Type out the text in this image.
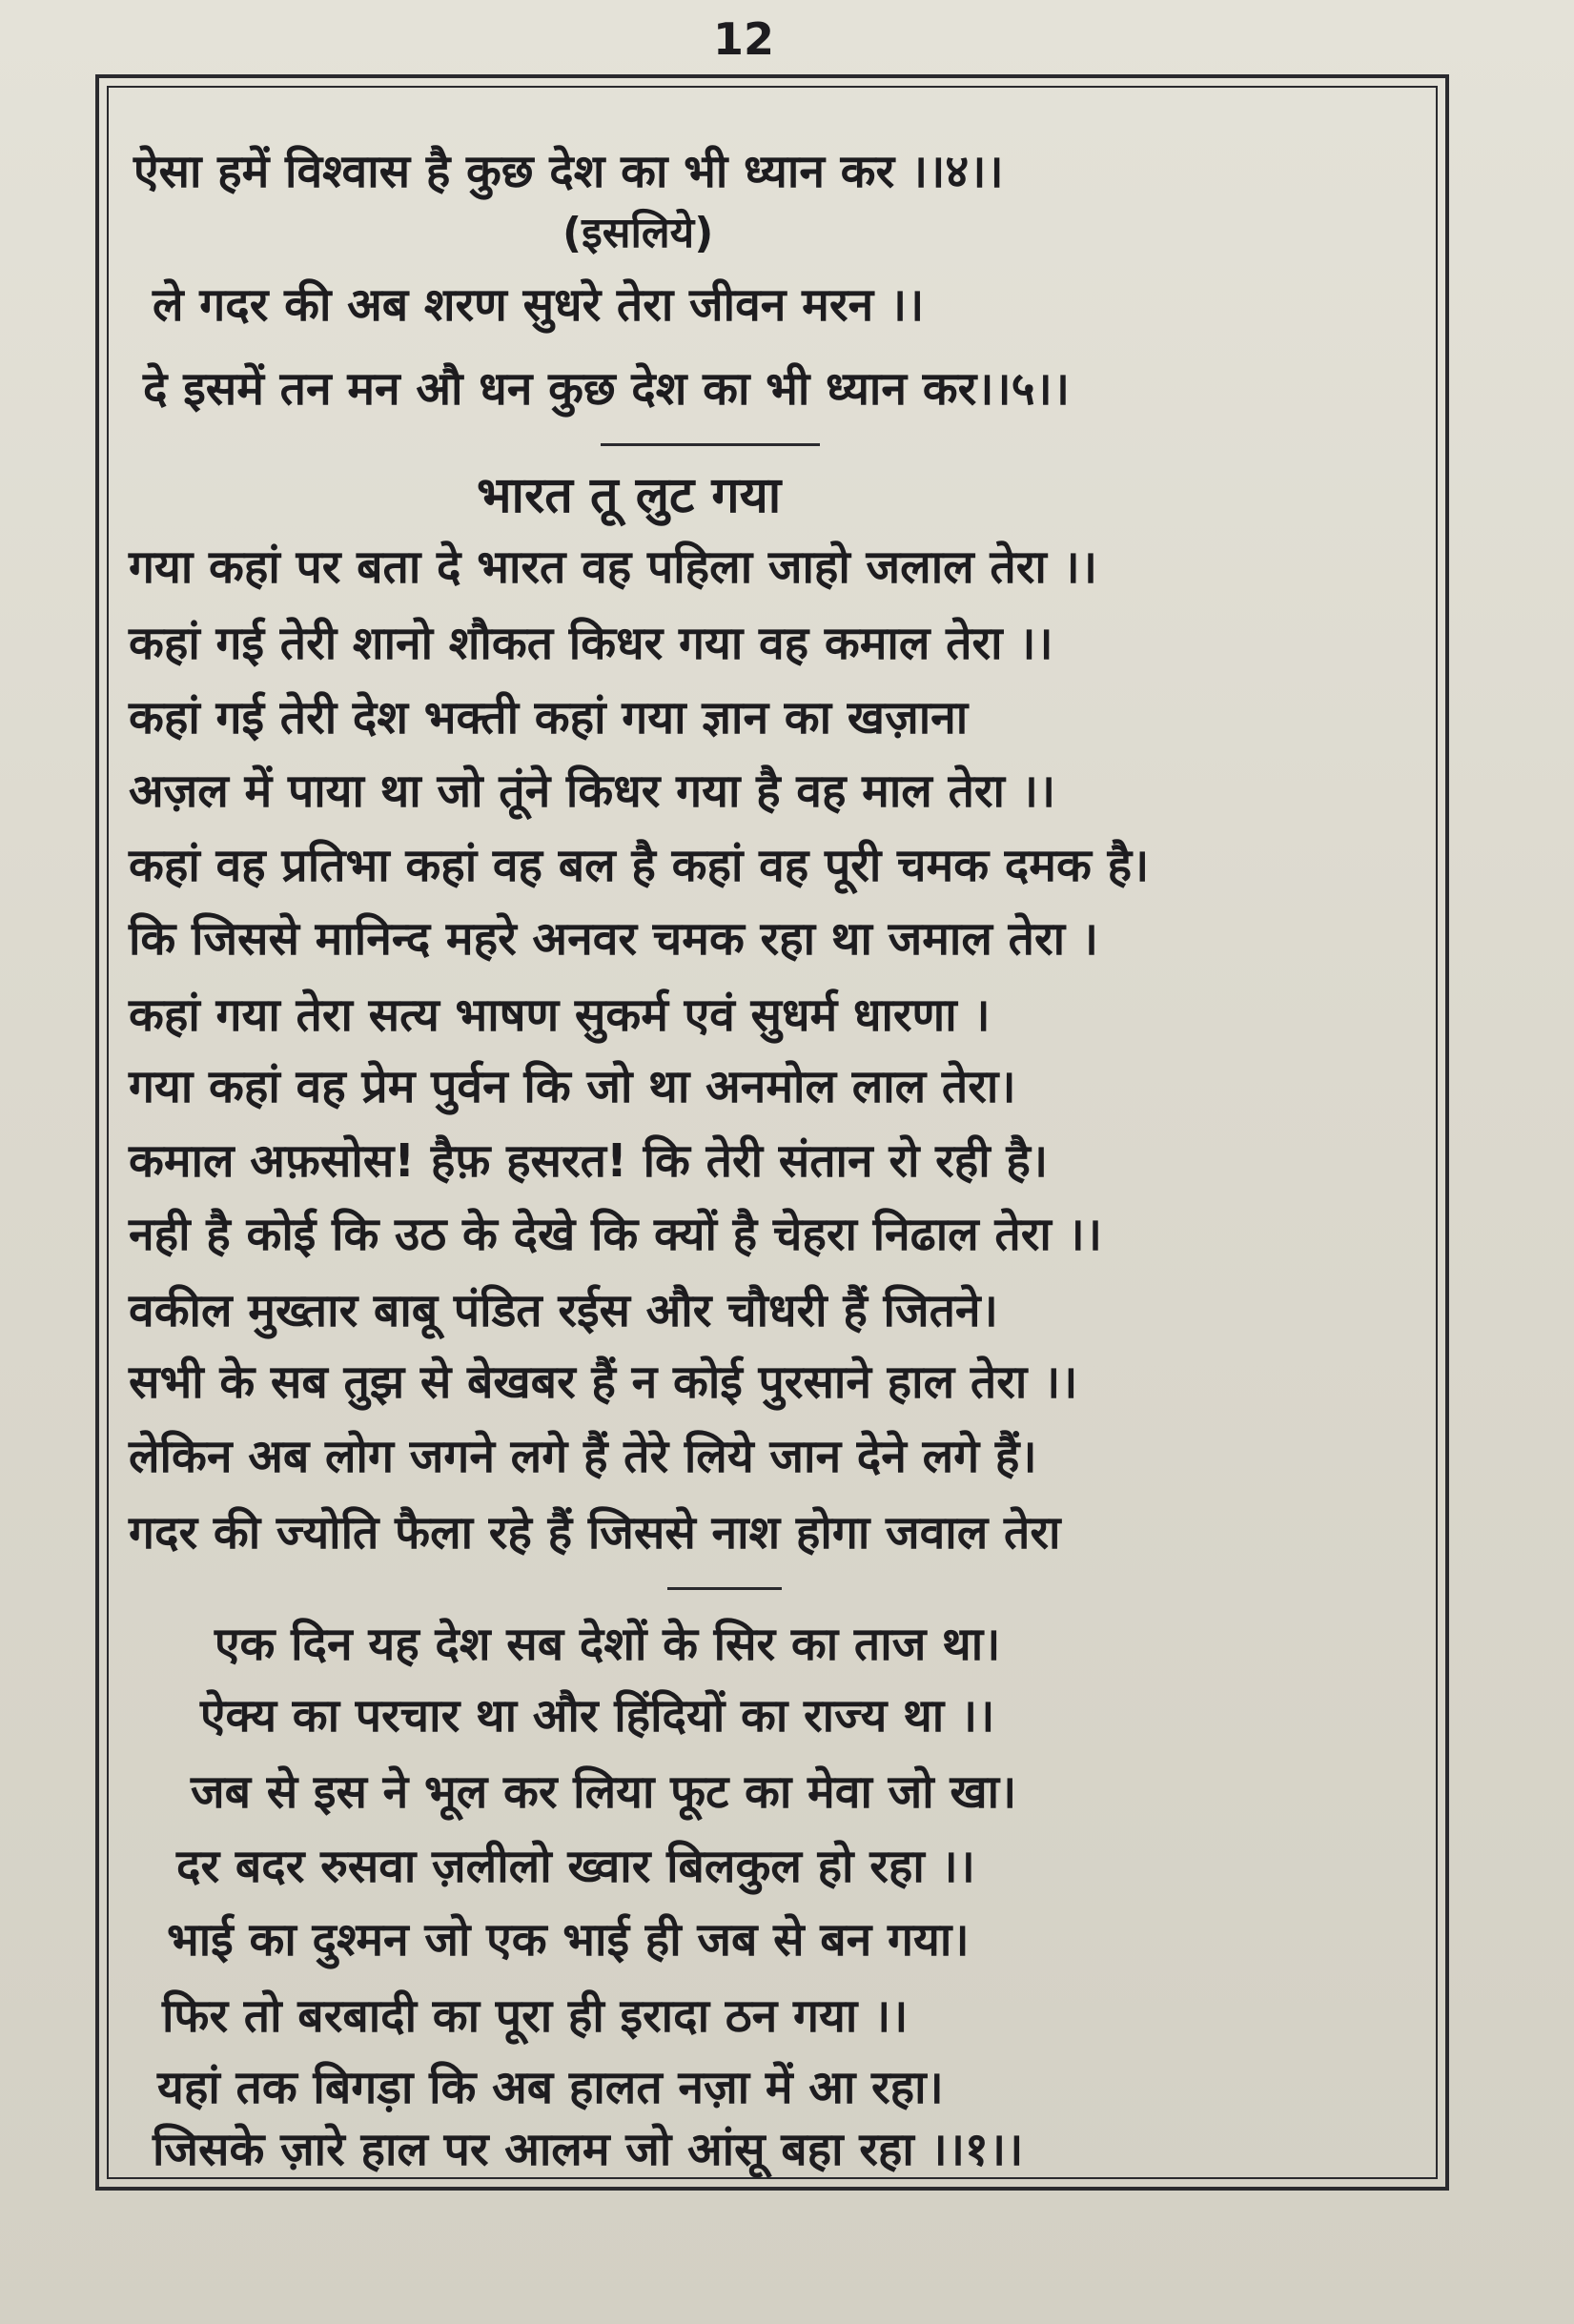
12
ऐसा हमें विश्वास है कुछ देश का भी ध्यान कर ।।४।।
(इसलिये)
ले गदर की अब शरण सुधरे तेरा जीवन मरन ।।
दे इसमें तन मन औ धन कुछ देश का भी ध्यान कर।।५।।
भारत तू लुट गया
गया कहां पर बता दे भारत वह पहिला जाहो जलाल तेरा ।।
कहां गई तेरी शानो शौकत किधर गया वह कमाल तेरा ।।
कहां गई तेरी देश भक्ती कहां गया ज्ञान का खज़ाना
अज़ल में पाया था जो तूंने किधर गया है वह माल तेरा ।।
कहां वह प्रतिभा कहां वह बल है कहां वह पूरी चमक दमक है।
कि जिससे मानिन्द महरे अनवर चमक रहा था जमाल तेरा ।
कहां गया तेरा सत्य भाषण सुकर्म एवं सुधर्म धारणा ।
गया कहां वह प्रेम पुर्वन कि जो था अनमोल लाल तेरा।
कमाल अफ़सोस! हैफ़ हसरत! कि तेरी संतान रो रही है।
नही है कोई कि उठ के देखे कि क्यों है चेहरा निढाल तेरा ।।
वकील मुख्तार बाबू पंडित रईस और चौधरी हैं जितने।
सभी के सब तुझ से बेखबर हैं न कोई पुरसाने हाल तेरा ।।
लेकिन अब लोग जगने लगे हैं तेरे लिये जान देने लगे हैं।
गदर की ज्योति फैला रहे हैं जिससे नाश होगा जवाल तेरा
एक दिन यह देश सब देशों के सिर का ताज था।
ऐक्य का परचार था और हिंदियों का राज्य था ।।
जब से इस ने भूल कर लिया फूट का मेवा जो खा।
दर बदर रुसवा ज़लीलो ख्वार बिलकुल हो रहा ।।
भाई का दुश्मन जो एक भाई ही जब से बन गया।
फिर तो बरबादी का पूरा ही इरादा ठन गया ।।
यहां तक बिगड़ा कि अब हालत नज़ा में आ रहा।
जिसके ज़ारे हाल पर आलम जो आंसू बहा रहा ।।१।।
